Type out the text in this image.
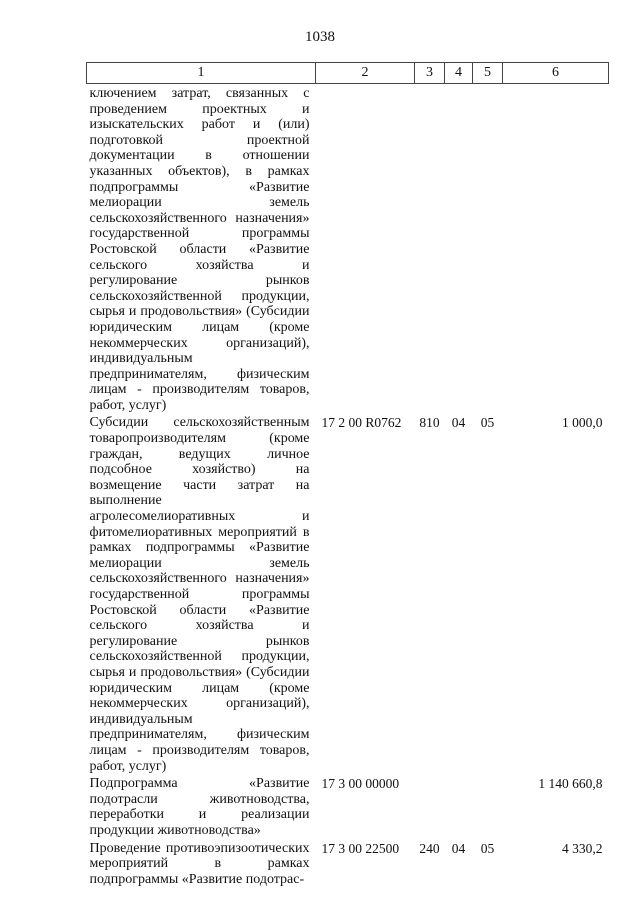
1038
1	2	3	4	5	6
ключением затрат, связанных с проведением проектных и изыскательских работ и (или) подготовкой проектной документации в отношении указанных объектов), в рамках подпрограммы «Развитие мелиорации земель сельскохозяйственного назначения» государственной программы Ростовской области «Развитие сельского хозяйства и регулирование рынков сельскохозяйственной продукции, сырья и продовольствия» (Субсидии юридическим лицам (кроме некоммерческих организаций), индивидуальным предпринимателям, физическим лицам - производителям товаров, работ, услуг)					
Субсидии сельскохозяйственным товаропроизводителям (кроме граждан, ведущих личное подсобное хозяйство) на возмещение части затрат на выполнение агролесомелиоративных и фитомелиоративных мероприятий в рамках подпрограммы «Развитие мелиорации земель сельскохозяйственного назначения» государственной программы Ростовской области «Развитие сельского хозяйства и регулирование рынков сельскохозяйственной продукции, сырья и продовольствия» (Субсидии юридическим лицам (кроме некоммерческих организаций), индивидуальным предпринимателям, физическим лицам - производителям товаров, работ, услуг)	17 2 00 R0762	810	04	05	1 000,0
Подпрограмма «Развитие подотрасли животноводства, переработки и реализации продукции животноводства»	17 3 00 00000				1 140 660,8
Проведение противоэпизоотических мероприятий в рамках подпрограммы «Развитие подотрас-	17 3 00 22500	240	04	05	4 330,2
